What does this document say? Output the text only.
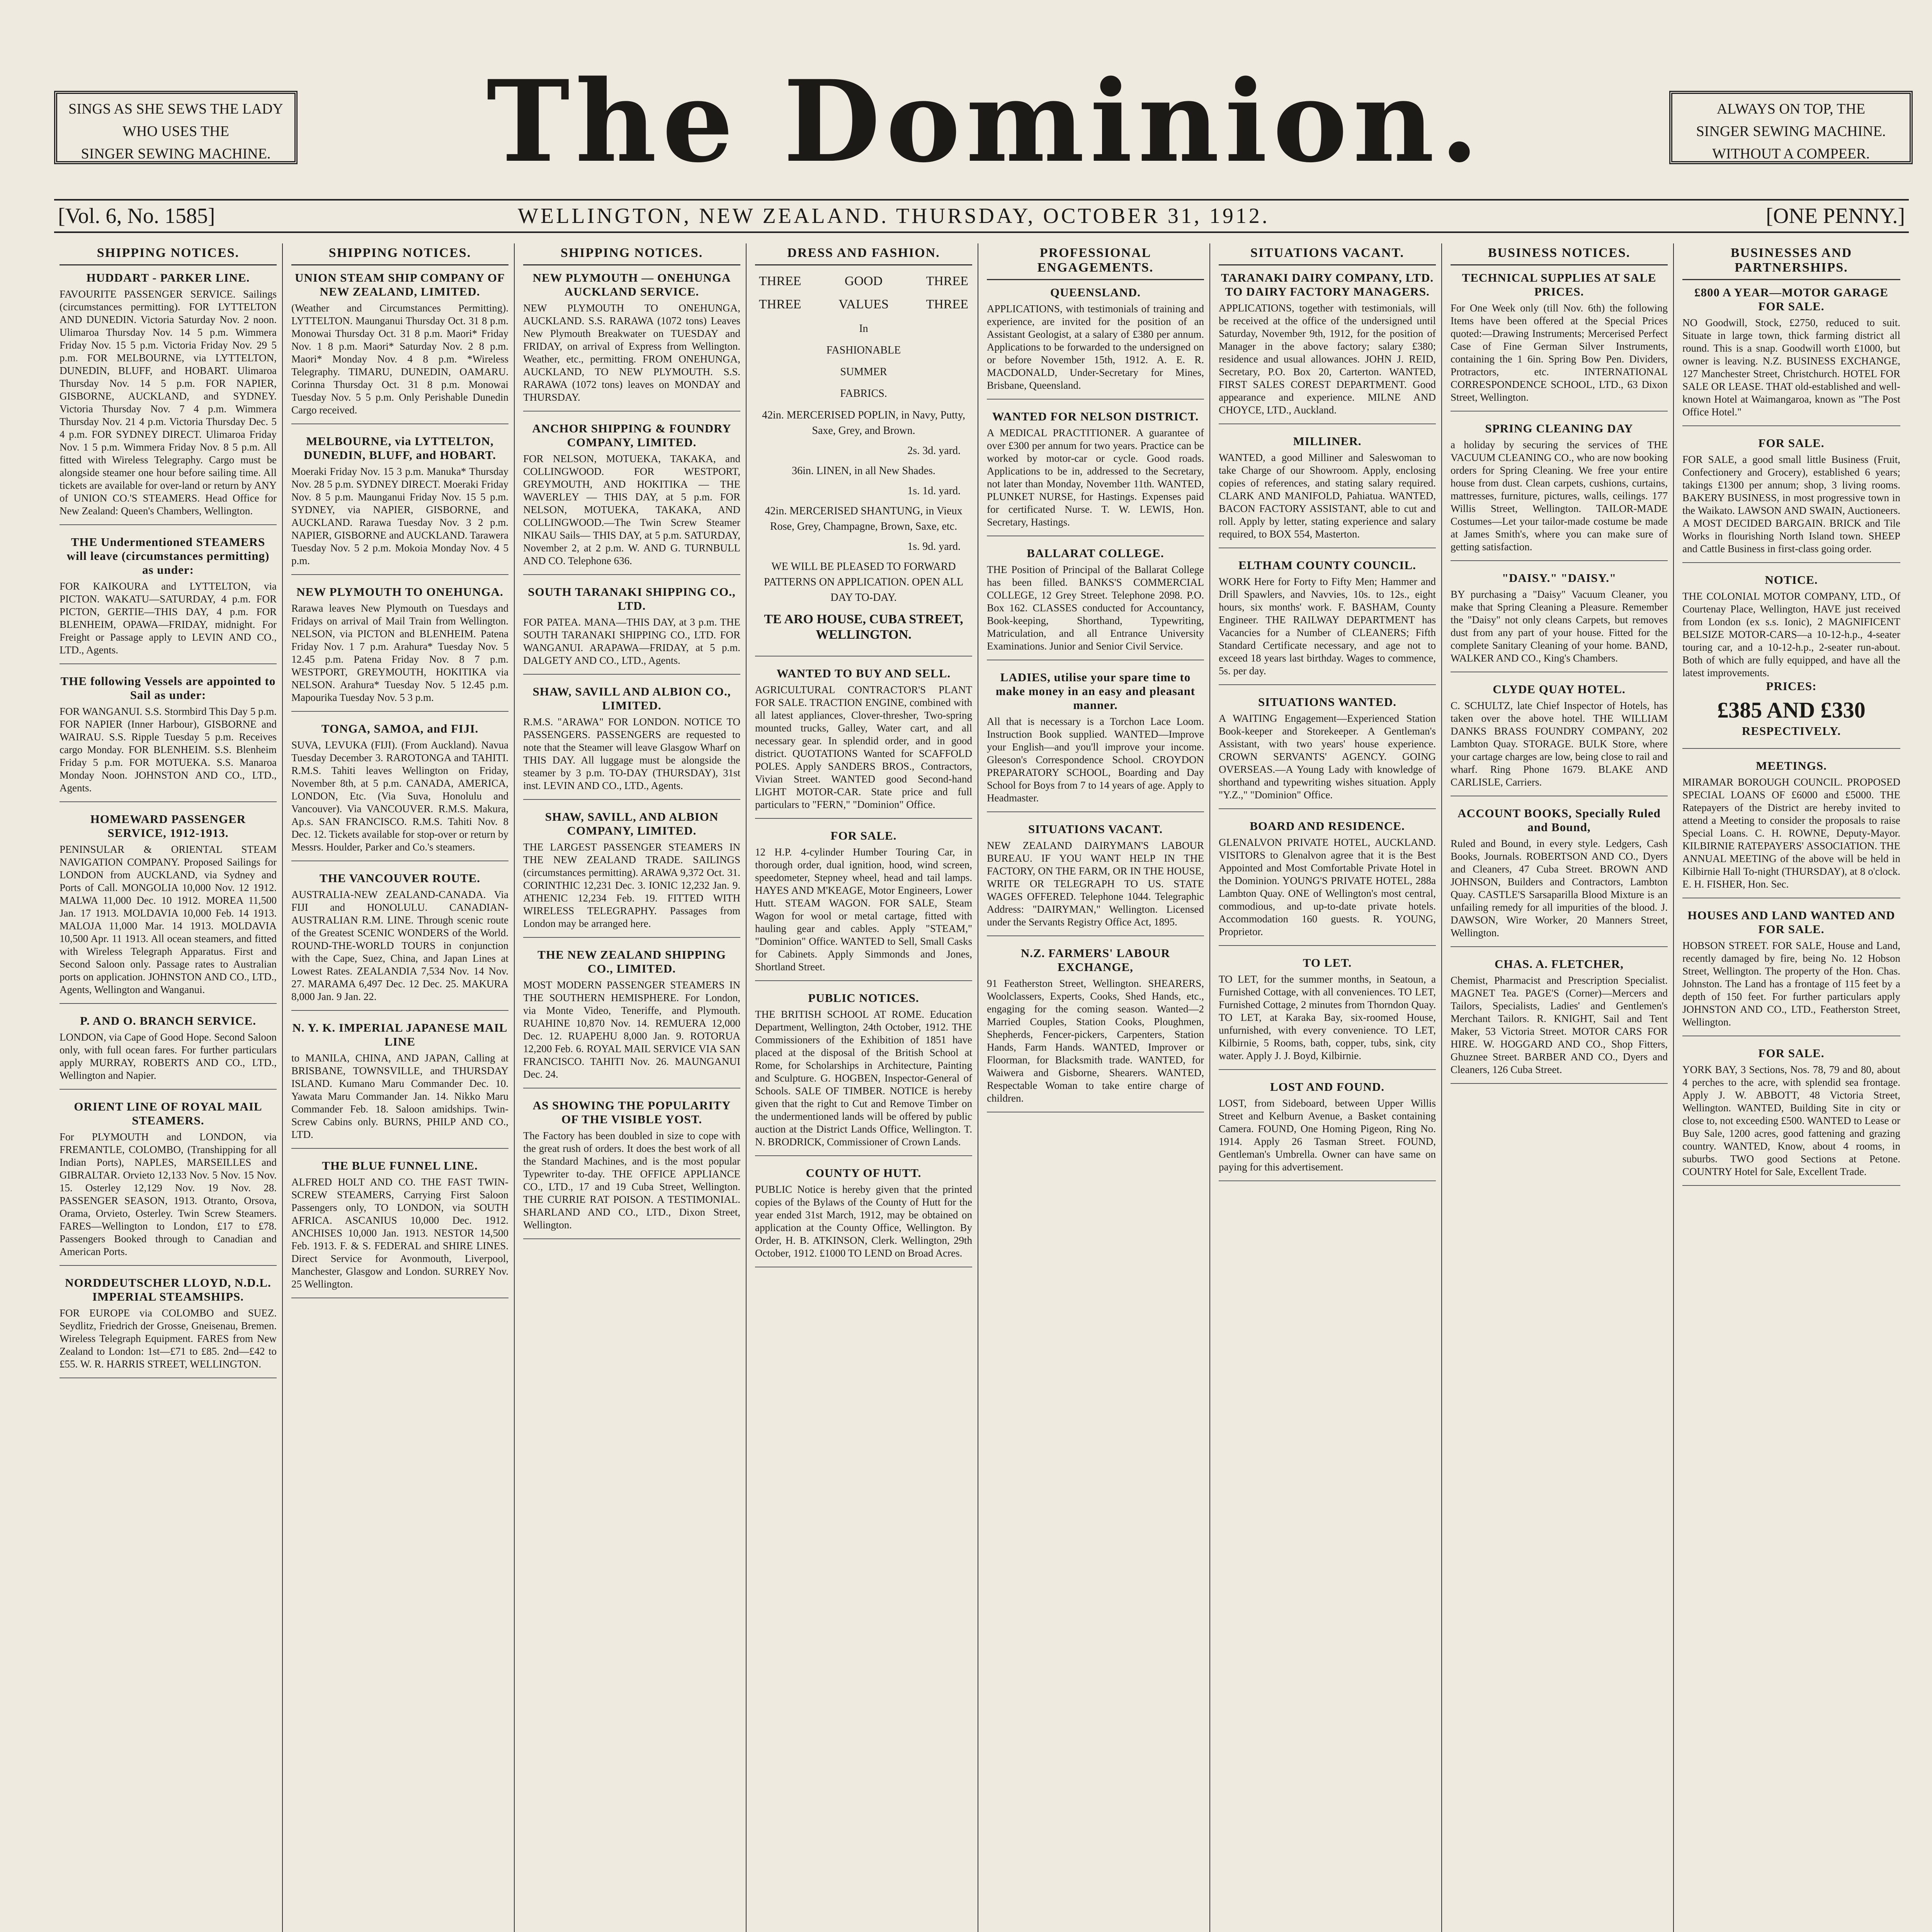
SINGS AS SHE SEWS THE LADY
WHO USES THE
SINGER SEWING MACHINE.	The Dominion.	ALWAYS ON TOP, THE
SINGER SEWING MACHINE.
WITHOUT A COMPEER.
[Vol. 6, No. 1585]	WELLINGTON, NEW ZEALAND. THURSDAY, OCTOBER 31, 1912.	[ONE PENNY.]
SHIPPING NOTICES.
HUDDART - PARKER LINE.
FAVOURITE PASSENGER SERVICE. Sailings (circumstances permitting). FOR LYTTELTON AND DUNEDIN. Victoria Saturday Nov. 2 noon. Ulimaroa Thursday Nov. 14 5 p.m. Wimmera Friday Nov. 15 5 p.m. Victoria Friday Nov. 29 5 p.m. FOR MELBOURNE, via LYTTELTON, DUNEDIN, BLUFF, and HOBART. Ulimaroa Thursday Nov. 14 5 p.m. FOR NAPIER, GISBORNE, AUCKLAND, and SYDNEY. Victoria Thursday Nov. 7 4 p.m. Wimmera Thursday Nov. 21 4 p.m. Victoria Thursday Dec. 5 4 p.m. FOR SYDNEY DIRECT. Ulimaroa Friday Nov. 1 5 p.m. Wimmera Friday Nov. 8 5 p.m. All fitted with Wireless Telegraphy. Cargo must be alongside steamer one hour before sailing time. All tickets are available for over-land or return by ANY of UNION CO.'S STEAMERS. Head Office for New Zealand: Queen's Chambers, Wellington.
THE Undermentioned STEAMERS will leave (circumstances permitting) as under:
FOR KAIKOURA and LYTTELTON, via PICTON. WAKATU—SATURDAY, 4 p.m. FOR PICTON, GERTIE—THIS DAY, 4 p.m. FOR BLENHEIM, OPAWA—FRIDAY, midnight. For Freight or Passage apply to LEVIN AND CO., LTD., Agents.
THE following Vessels are appointed to Sail as under:
FOR WANGANUI. S.S. Stormbird This Day 5 p.m. FOR NAPIER (Inner Harbour), GISBORNE and WAIRAU. S.S. Ripple Tuesday 5 p.m. Receives cargo Monday. FOR BLENHEIM. S.S. Blenheim Friday 5 p.m. FOR MOTUEKA. S.S. Manaroa Monday Noon. JOHNSTON AND CO., LTD., Agents.
HOMEWARD PASSENGER SERVICE, 1912-1913.
PENINSULAR & ORIENTAL STEAM NAVIGATION COMPANY. Proposed Sailings for LONDON from AUCKLAND, via Sydney and Ports of Call. MONGOLIA 10,000 Nov. 12 1912. MALWA 11,000 Dec. 10 1912. MOREA 11,500 Jan. 17 1913. MOLDAVIA 10,000 Feb. 14 1913. MALOJA 11,000 Mar. 14 1913. MOLDAVIA 10,500 Apr. 11 1913. All ocean steamers, and fitted with Wireless Telegraph Apparatus. First and Second Saloon only. Passage rates to Australian ports on application. JOHNSTON AND CO., LTD., Agents, Wellington and Wanganui.
P. AND O. BRANCH SERVICE.
LONDON, via Cape of Good Hope. Second Saloon only, with full ocean fares. For further particulars apply MURRAY, ROBERTS AND CO., LTD., Wellington and Napier.
ORIENT LINE OF ROYAL MAIL STEAMERS.
For PLYMOUTH and LONDON, via FREMANTLE, COLOMBO, (Transhipping for all Indian Ports), NAPLES, MARSEILLES and GIBRALTAR. Orvieto 12,133 Nov. 5 Nov. 15 Nov. 15. Osterley 12,129 Nov. 19 Nov. 28. PASSENGER SEASON, 1913. Otranto, Orsova, Orama, Orvieto, Osterley. Twin Screw Steamers. FARES—Wellington to London, £17 to £78. Passengers Booked through to Canadian and American Ports.
NORDDEUTSCHER LLOYD, N.D.L. IMPERIAL STEAMSHIPS.
FOR EUROPE via COLOMBO and SUEZ. Seydlitz, Friedrich der Grosse, Gneisenau, Bremen. Wireless Telegraph Equipment. FARES from New Zealand to London: 1st—£71 to £85. 2nd—£42 to £55. W. R. HARRIS STREET, WELLINGTON.
SHIPPING NOTICES.
UNION STEAM SHIP COMPANY OF NEW ZEALAND, LIMITED.
(Weather and Circumstances Permitting). LYTTELTON. Maunganui Thursday Oct. 31 8 p.m. Monowai Thursday Oct. 31 8 p.m. Maori* Friday Nov. 1 8 p.m. Maori* Saturday Nov. 2 8 p.m. Maori* Monday Nov. 4 8 p.m. *Wireless Telegraphy. TIMARU, DUNEDIN, OAMARU. Corinna Thursday Oct. 31 8 p.m. Monowai Tuesday Nov. 5 5 p.m. Only Perishable Dunedin Cargo received.
MELBOURNE, via LYTTELTON, DUNEDIN, BLUFF, and HOBART.
Moeraki Friday Nov. 15 3 p.m. Manuka* Thursday Nov. 28 5 p.m. SYDNEY DIRECT. Moeraki Friday Nov. 8 5 p.m. Maunganui Friday Nov. 15 5 p.m. SYDNEY, via NAPIER, GISBORNE, and AUCKLAND. Rarawa Tuesday Nov. 3 2 p.m. NAPIER, GISBORNE and AUCKLAND. Tarawera Tuesday Nov. 5 2 p.m. Mokoia Monday Nov. 4 5 p.m.
NEW PLYMOUTH TO ONEHUNGA.
Rarawa leaves New Plymouth on Tuesdays and Fridays on arrival of Mail Train from Wellington. NELSON, via PICTON and BLENHEIM. Patena Friday Nov. 1 7 p.m. Arahura* Tuesday Nov. 5 12.45 p.m. Patena Friday Nov. 8 7 p.m. WESTPORT, GREYMOUTH, HOKITIKA via NELSON. Arahura* Tuesday Nov. 5 12.45 p.m. Mapourika Tuesday Nov. 5 3 p.m.
TONGA, SAMOA, and FIJI.
SUVA, LEVUKA (FIJI). (From Auckland). Navua Tuesday December 3. RAROTONGA and TAHITI. R.M.S. Tahiti leaves Wellington on Friday, November 8th, at 5 p.m. CANADA, AMERICA, LONDON, Etc. (Via Suva, Honolulu and Vancouver). Via VANCOUVER. R.M.S. Makura, Ap.s. SAN FRANCISCO. R.M.S. Tahiti Nov. 8 Dec. 12. Tickets available for stop-over or return by Messrs. Houlder, Parker and Co.'s steamers.
THE VANCOUVER ROUTE.
AUSTRALIA-NEW ZEALAND-CANADA. Via FIJI and HONOLULU. CANADIAN-AUSTRALIAN R.M. LINE. Through scenic route of the Greatest SCENIC WONDERS of the World. ROUND-THE-WORLD TOURS in conjunction with the Cape, Suez, China, and Japan Lines at Lowest Rates. ZEALANDIA 7,534 Nov. 14 Nov. 27. MARAMA 6,497 Dec. 12 Dec. 25. MAKURA 8,000 Jan. 9 Jan. 22.
N. Y. K. IMPERIAL JAPANESE MAIL LINE
to MANILA, CHINA, AND JAPAN, Calling at BRISBANE, TOWNSVILLE, and THURSDAY ISLAND. Kumano Maru Commander Dec. 10. Yawata Maru Commander Jan. 14. Nikko Maru Commander Feb. 18. Saloon amidships. Twin-Screw Cabins only. BURNS, PHILP AND CO., LTD.
THE BLUE FUNNEL LINE.
ALFRED HOLT AND CO. THE FAST TWIN-SCREW STEAMERS, Carrying First Saloon Passengers only, TO LONDON, via SOUTH AFRICA. ASCANIUS 10,000 Dec. 1912. ANCHISES 10,000 Jan. 1913. NESTOR 14,500 Feb. 1913. F. & S. FEDERAL and SHIRE LINES. Direct Service for Avonmouth, Liverpool, Manchester, Glasgow and London. SURREY Nov. 25 Wellington.
SHIPPING NOTICES.
NEW PLYMOUTH — ONEHUNGA AUCKLAND SERVICE.
NEW PLYMOUTH TO ONEHUNGA, AUCKLAND. S.S. RARAWA (1072 tons) Leaves New Plymouth Breakwater on TUESDAY and FRIDAY, on arrival of Express from Wellington. Weather, etc., permitting. FROM ONEHUNGA, AUCKLAND, TO NEW PLYMOUTH. S.S. RARAWA (1072 tons) leaves on MONDAY and THURSDAY.
ANCHOR SHIPPING & FOUNDRY COMPANY, LIMITED.
FOR NELSON, MOTUEKA, TAKAKA, and COLLINGWOOD. FOR WESTPORT, GREYMOUTH, AND HOKITIKA — THE WAVERLEY — THIS DAY, at 5 p.m. FOR NELSON, MOTUEKA, TAKAKA, AND COLLINGWOOD.—The Twin Screw Steamer NIKAU Sails— THIS DAY, at 5 p.m. SATURDAY, November 2, at 2 p.m. W. AND G. TURNBULL AND CO. Telephone 636.
SOUTH TARANAKI SHIPPING CO., LTD.
FOR PATEA. MANA—THIS DAY, at 3 p.m. THE SOUTH TARANAKI SHIPPING CO., LTD. FOR WANGANUI. ARAPAWA—FRIDAY, at 5 p.m. DALGETY AND CO., LTD., Agents.
SHAW, SAVILL AND ALBION CO., LIMITED.
R.M.S. "ARAWA" FOR LONDON. NOTICE TO PASSENGERS. PASSENGERS are requested to note that the Steamer will leave Glasgow Wharf on THIS DAY. All luggage must be alongside the steamer by 3 p.m. TO-DAY (THURSDAY), 31st inst. LEVIN AND CO., LTD., Agents.
SHAW, SAVILL, AND ALBION COMPANY, LIMITED.
THE LARGEST PASSENGER STEAMERS IN THE NEW ZEALAND TRADE. SAILINGS (circumstances permitting). ARAWA 9,372 Oct. 31. CORINTHIC 12,231 Dec. 3. IONIC 12,232 Jan. 9. ATHENIC 12,234 Feb. 19. FITTED WITH WIRELESS TELEGRAPHY. Passages from London may be arranged here.
THE NEW ZEALAND SHIPPING CO., LIMITED.
MOST MODERN PASSENGER STEAMERS IN THE SOUTHERN HEMISPHERE. For London, via Monte Video, Teneriffe, and Plymouth. RUAHINE 10,870 Nov. 14. REMUERA 12,000 Dec. 12. RUAPEHU 8,000 Jan. 9. ROTORUA 12,200 Feb. 6. ROYAL MAIL SERVICE VIA SAN FRANCISCO. TAHITI Nov. 26. MAUNGANUI Dec. 24.
AS SHOWING THE POPULARITY OF THE VISIBLE YOST.
The Factory has been doubled in size to cope with the great rush of orders. It does the best work of all the Standard Machines, and is the most popular Typewriter to-day. THE OFFICE APPLIANCE CO., LTD., 17 and 19 Cuba Street, Wellington. THE CURRIE RAT POISON. A TESTIMONIAL. SHARLAND AND CO., LTD., Dixon Street, Wellington.
DRESS AND FASHION.
THREE	GOOD	THREE
THREE	VALUES	THREE
In
FASHIONABLE
SUMMER
FABRICS.
42in. MERCERISED POPLIN, in Navy, Putty, Saxe, Grey, and Brown.
2s. 3d. yard.
36in. LINEN, in all New Shades.
1s. 1d. yard.
42in. MERCERISED SHANTUNG, in Vieux Rose, Grey, Champagne, Brown, Saxe, etc.
1s. 9d. yard.
WE WILL BE PLEASED TO FORWARD PATTERNS ON APPLICATION. OPEN ALL DAY TO-DAY.
TE ARO HOUSE, CUBA STREET, WELLINGTON.
WANTED TO BUY AND SELL.
AGRICULTURAL CONTRACTOR'S PLANT FOR SALE. TRACTION ENGINE, combined with all latest appliances, Clover-thresher, Two-spring mounted trucks, Galley, Water cart, and all necessary gear. In splendid order, and in good district. QUOTATIONS Wanted for SCAFFOLD POLES. Apply SANDERS BROS., Contractors, Vivian Street. WANTED good Second-hand LIGHT MOTOR-CAR. State price and full particulars to "FERN," "Dominion" Office.
FOR SALE.
12 H.P. 4-cylinder Humber Touring Car, in thorough order, dual ignition, hood, wind screen, speedometer, Stepney wheel, head and tail lamps. HAYES AND M'KEAGE, Motor Engineers, Lower Hutt. STEAM WAGON. FOR SALE, Steam Wagon for wool or metal cartage, fitted with hauling gear and cables. Apply "STEAM," "Dominion" Office. WANTED to Sell, Small Casks for Cabinets. Apply Simmonds and Jones, Shortland Street.
PUBLIC NOTICES.
THE BRITISH SCHOOL AT ROME. Education Department, Wellington, 24th October, 1912. THE Commissioners of the Exhibition of 1851 have placed at the disposal of the British School at Rome, for Scholarships in Architecture, Painting and Sculpture. G. HOGBEN, Inspector-General of Schools. SALE OF TIMBER. NOTICE is hereby given that the right to Cut and Remove Timber on the undermentioned lands will be offered by public auction at the District Lands Office, Wellington. T. N. BRODRICK, Commissioner of Crown Lands.
COUNTY OF HUTT.
PUBLIC Notice is hereby given that the printed copies of the Bylaws of the County of Hutt for the year ended 31st March, 1912, may be obtained on application at the County Office, Wellington. By Order, H. B. ATKINSON, Clerk. Wellington, 29th October, 1912. £1000 TO LEND on Broad Acres.
PROFESSIONAL ENGAGEMENTS.
QUEENSLAND.
APPLICATIONS, with testimonials of training and experience, are invited for the position of an Assistant Geologist, at a salary of £380 per annum. Applications to be forwarded to the undersigned on or before November 15th, 1912. A. E. R. MACDONALD, Under-Secretary for Mines, Brisbane, Queensland.
WANTED FOR NELSON DISTRICT.
A MEDICAL PRACTITIONER. A guarantee of over £300 per annum for two years. Practice can be worked by motor-car or cycle. Good roads. Applications to be in, addressed to the Secretary, not later than Monday, November 11th. WANTED, PLUNKET NURSE, for Hastings. Expenses paid for certificated Nurse. T. W. LEWIS, Hon. Secretary, Hastings.
BALLARAT COLLEGE.
THE Position of Principal of the Ballarat College has been filled. BANKS'S COMMERCIAL COLLEGE, 12 Grey Street. Telephone 2098. P.O. Box 162. CLASSES conducted for Accountancy, Book-keeping, Shorthand, Typewriting, Matriculation, and all Entrance University Examinations. Junior and Senior Civil Service.
LADIES, utilise your spare time to make money in an easy and pleasant manner.
All that is necessary is a Torchon Lace Loom. Instruction Book supplied. WANTED—Improve your English—and you'll improve your income. Gleeson's Correspondence School. CROYDON PREPARATORY SCHOOL, Boarding and Day School for Boys from 7 to 14 years of age. Apply to Headmaster.
SITUATIONS VACANT.
NEW ZEALAND DAIRYMAN'S LABOUR BUREAU. IF YOU WANT HELP IN THE FACTORY, ON THE FARM, OR IN THE HOUSE, WRITE OR TELEGRAPH TO US. STATE WAGES OFFERED. Telephone 1044. Telegraphic Address: "DAIRYMAN," Wellington. Licensed under the Servants Registry Office Act, 1895.
N.Z. FARMERS' LABOUR EXCHANGE,
91 Featherston Street, Wellington. SHEARERS, Woolclassers, Experts, Cooks, Shed Hands, etc., engaging for the coming season. Wanted—2 Married Couples, Station Cooks, Ploughmen, Shepherds, Fencer-pickers, Carpenters, Station Hands, Farm Hands. WANTED, Improver or Floorman, for Blacksmith trade. WANTED, for Waiwera and Gisborne, Shearers. WANTED, Respectable Woman to take entire charge of children.
SITUATIONS VACANT.
TARANAKI DAIRY COMPANY, LTD. TO DAIRY FACTORY MANAGERS.
APPLICATIONS, together with testimonials, will be received at the office of the undersigned until Saturday, November 9th, 1912, for the position of Manager in the above factory; salary £380; residence and usual allowances. JOHN J. REID, Secretary, P.O. Box 20, Carterton. WANTED, FIRST SALES COREST DEPARTMENT. Good appearance and experience. MILNE AND CHOYCE, LTD., Auckland.
MILLINER.
WANTED, a good Milliner and Saleswoman to take Charge of our Showroom. Apply, enclosing copies of references, and stating salary required. CLARK AND MANIFOLD, Pahiatua. WANTED, BACON FACTORY ASSISTANT, able to cut and roll. Apply by letter, stating experience and salary required, to BOX 554, Masterton.
ELTHAM COUNTY COUNCIL.
WORK Here for Forty to Fifty Men; Hammer and Drill Spawlers, and Navvies, 10s. to 12s., eight hours, six months' work. F. BASHAM, County Engineer. THE RAILWAY DEPARTMENT has Vacancies for a Number of CLEANERS; Fifth Standard Certificate necessary, and age not to exceed 18 years last birthday. Wages to commence, 5s. per day.
SITUATIONS WANTED.
A WAITING Engagement—Experienced Station Book-keeper and Storekeeper. A Gentleman's Assistant, with two years' house experience. CROWN SERVANTS' AGENCY. GOING OVERSEAS.—A Young Lady with knowledge of shorthand and typewriting wishes situation. Apply "Y.Z.," "Dominion" Office.
BOARD AND RESIDENCE.
GLENALVON PRIVATE HOTEL, AUCKLAND. VISITORS to Glenalvon agree that it is the Best Appointed and Most Comfortable Private Hotel in the Dominion. YOUNG'S PRIVATE HOTEL, 288a Lambton Quay. ONE of Wellington's most central, commodious, and up-to-date private hotels. Accommodation 160 guests. R. YOUNG, Proprietor.
TO LET.
TO LET, for the summer months, in Seatoun, a Furnished Cottage, with all conveniences. TO LET, Furnished Cottage, 2 minutes from Thorndon Quay. TO LET, at Karaka Bay, six-roomed House, unfurnished, with every convenience. TO LET, Kilbirnie, 5 Rooms, bath, copper, tubs, sink, city water. Apply J. J. Boyd, Kilbirnie.
LOST AND FOUND.
LOST, from Sideboard, between Upper Willis Street and Kelburn Avenue, a Basket containing Camera. FOUND, One Homing Pigeon, Ring No. 1914. Apply 26 Tasman Street. FOUND, Gentleman's Umbrella. Owner can have same on paying for this advertisement.
BUSINESS NOTICES.
TECHNICAL SUPPLIES AT SALE PRICES.
For One Week only (till Nov. 6th) the following Items have been offered at the Special Prices quoted:—Drawing Instruments; Mercerised Perfect Case of Fine German Silver Instruments, containing the 1 6in. Spring Bow Pen. Dividers, Protractors, etc. INTERNATIONAL CORRESPONDENCE SCHOOL, LTD., 63 Dixon Street, Wellington.
SPRING CLEANING DAY
a holiday by securing the services of THE VACUUM CLEANING CO., who are now booking orders for Spring Cleaning. We free your entire house from dust. Clean carpets, cushions, curtains, mattresses, furniture, pictures, walls, ceilings. 177 Willis Street, Wellington. TAILOR-MADE Costumes—Let your tailor-made costume be made at James Smith's, where you can make sure of getting satisfaction.
"DAISY." "DAISY."
BY purchasing a "Daisy" Vacuum Cleaner, you make that Spring Cleaning a Pleasure. Remember the "Daisy" not only cleans Carpets, but removes dust from any part of your house. Fitted for the complete Sanitary Cleaning of your home. BAND, WALKER AND CO., King's Chambers.
CLYDE QUAY HOTEL.
C. SCHULTZ, late Chief Inspector of Hotels, has taken over the above hotel. THE WILLIAM DANKS BRASS FOUNDRY COMPANY, 202 Lambton Quay. STORAGE. BULK Store, where your cartage charges are low, being close to rail and wharf. Ring Phone 1679. BLAKE AND CARLISLE, Carriers.
ACCOUNT BOOKS, Specially Ruled and Bound,
Ruled and Bound, in every style. Ledgers, Cash Books, Journals. ROBERTSON AND CO., Dyers and Cleaners, 47 Cuba Street. BROWN AND JOHNSON, Builders and Contractors, Lambton Quay. CASTLE'S Sarsaparilla Blood Mixture is an unfailing remedy for all impurities of the blood. J. DAWSON, Wire Worker, 20 Manners Street, Wellington.
CHAS. A. FLETCHER,
Chemist, Pharmacist and Prescription Specialist. MAGNET Tea. PAGE'S (Corner)—Mercers and Tailors, Specialists, Ladies' and Gentlemen's Merchant Tailors. R. KNIGHT, Sail and Tent Maker, 53 Victoria Street. MOTOR CARS FOR HIRE. W. HOGGARD AND CO., Shop Fitters, Ghuznee Street. BARBER AND CO., Dyers and Cleaners, 126 Cuba Street.
BUSINESSES AND PARTNERSHIPS.
£800 A YEAR—MOTOR GARAGE FOR SALE.
NO Goodwill, Stock, £2750, reduced to suit. Situate in large town, thick farming district all round. This is a snap. Goodwill worth £1000, but owner is leaving. N.Z. BUSINESS EXCHANGE, 127 Manchester Street, Christchurch. HOTEL FOR SALE OR LEASE. THAT old-established and well-known Hotel at Waimangaroa, known as "The Post Office Hotel."
FOR SALE.
FOR SALE, a good small little Business (Fruit, Confectionery and Grocery), established 6 years; takings £1300 per annum; shop, 3 living rooms. BAKERY BUSINESS, in most progressive town in the Waikato. LAWSON AND SWAIN, Auctioneers. A MOST DECIDED BARGAIN. BRICK and Tile Works in flourishing North Island town. SHEEP and Cattle Business in first-class going order.
NOTICE.
THE COLONIAL MOTOR COMPANY, LTD., Of Courtenay Place, Wellington, HAVE just received from London (ex s.s. Ionic), 2 MAGNIFICENT BELSIZE MOTOR-CARS—a 10-12-h.p., 4-seater touring car, and a 10-12-h.p., 2-seater run-about. Both of which are fully equipped, and have all the latest improvements.
PRICES:
£385 AND £330
RESPECTIVELY.
MEETINGS.
MIRAMAR BOROUGH COUNCIL. PROPOSED SPECIAL LOANS OF £6000 and £5000. THE Ratepayers of the District are hereby invited to attend a Meeting to consider the proposals to raise Special Loans. C. H. ROWNE, Deputy-Mayor. KILBIRNIE RATEPAYERS' ASSOCIATION. THE ANNUAL MEETING of the above will be held in Kilbirnie Hall To-night (THURSDAY), at 8 o'clock. E. H. FISHER, Hon. Sec.
HOUSES AND LAND WANTED AND FOR SALE.
HOBSON STREET. FOR SALE, House and Land, recently damaged by fire, being No. 12 Hobson Street, Wellington. The property of the Hon. Chas. Johnston. The Land has a frontage of 115 feet by a depth of 150 feet. For further particulars apply JOHNSTON AND CO., LTD., Featherston Street, Wellington.
FOR SALE.
YORK BAY, 3 Sections, Nos. 78, 79 and 80, about 4 perches to the acre, with splendid sea frontage. Apply J. W. ABBOTT, 48 Victoria Street, Wellington. WANTED, Building Site in city or close to, not exceeding £500. WANTED to Lease or Buy Sale, 1200 acres, good fattening and grazing country. WANTED, Know, about 4 rooms, in suburbs. TWO good Sections at Petone. COUNTRY Hotel for Sale, Excellent Trade.
